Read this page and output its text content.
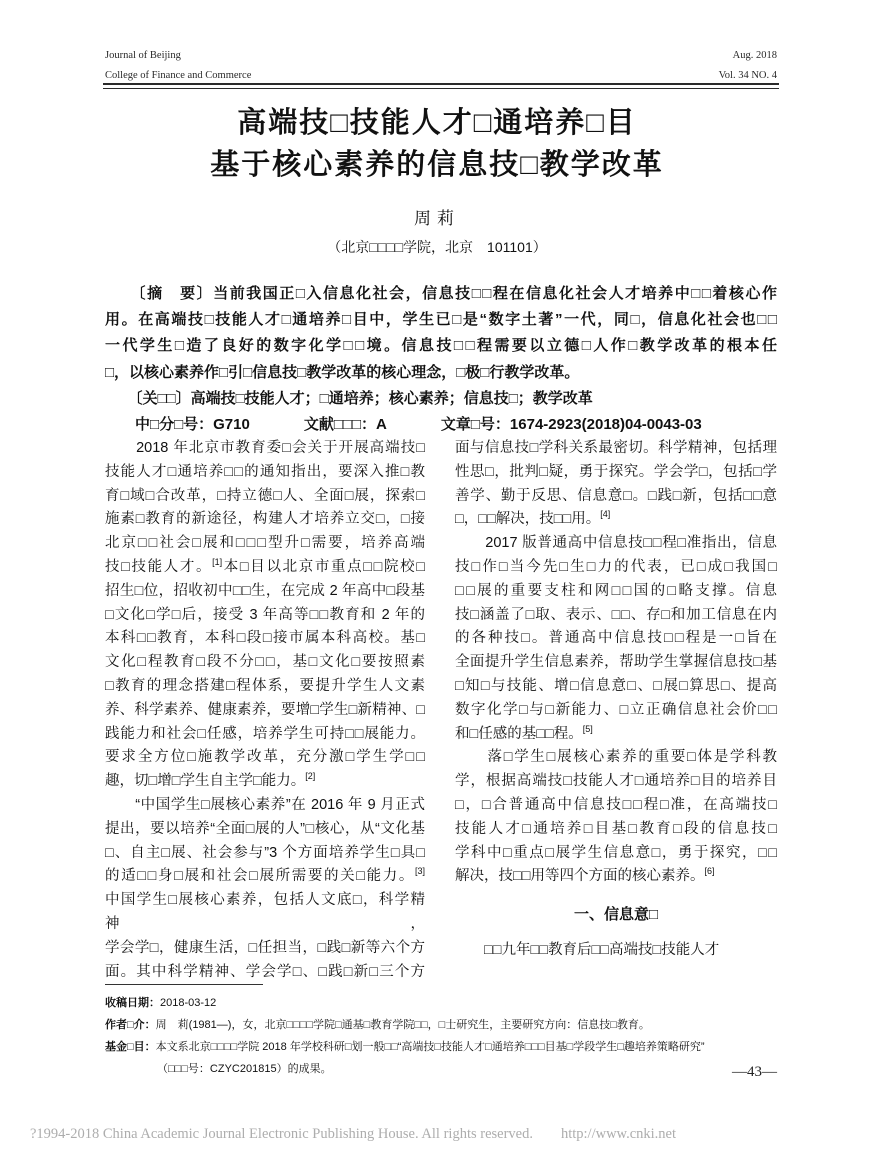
Journal of Beijing
College of Finance and Commerce
Aug. 2018
Vol. 34 NO. 4
高端技□技能人才□通培养□目
基于核心素养的信息技□教学改革
周莉
（北京□□□□学院，北京　101101）
　　〔摘　要〕当前我国正□入信息化社会，信息技□□程在信息化社会人才培养中□□着核心作
用。在高端技□技能人才□通培养□目中，学生已□是“数字土著”一代，同□，信息化社会也□□
一代学生□造了良好的数字化学□□境。信息技□□程需要以立德□人作□教学改革的根本任
□，以核心素养作□引□信息技□教学改革的核心理念，□极□行教学改革。
　　〔关□□〕高端技□技能人才；□通培养；核心素养；信息技□；教学改革
　　中□分□号：G710	文献□□□：A	文章□号：1674-2923(2018)04-0043-03
　　2018 年北京市教育委□会关于开展高端技□
技能人才□通培养□□的通知指出，要深入推□教
育□域□合改革，□持立德□人、全面□展，探索□
施素□教育的新途径，构建人才培养立交□，□接
北京□□社会□展和□□□型升□需要，培养高端
技□技能人才。[1]本□目以北京市重点□□院校□
招生□位，招收初中□□生，在完成 2 年高中□段基
□文化□学□后，接受 3 年高等□□教育和 2 年的
本科□□教育，本科□段□接市属本科高校。基□
文化□程教育□段不分□□，基□文化□要按照素
□教育的理念搭建□程体系，要提升学生人文素
养、科学素养、健康素养，要增□学生□新精神、□
践能力和社会□任感，培养学生可持□□展能力。
要求全方位□施教学改革，充分激□学生学□□
趣，切□增□学生自主学□能力。[2]
　　“中国学生□展核心素养”在 2016 年 9 月正式
提出，要以培养“全面□展的人”□核心，从“文化基
□、自主□展、社会参与”3 个方面培养学生□具□
的适□□身□展和社会□展所需要的关□能力。[3]
中国学生□展核心素养，包括人文底□，科学精神，
学会学□，健康生活，□任担当，□践□新等六个方
面。其中科学精神、学会学□、□践□新□三个方
面与信息技□学科关系最密切。科学精神，包括理
性思□，批判□疑，勇于探究。学会学□，包括□学
善学、勤于反思、信息意□。□践□新，包括□□意
□，□□解决，技□□用。[4]
　　2017 版普通高中信息技□□程□准指出，信息
技□作□当今先□生□力的代表，已□成□我国□
□□展的重要支柱和网□□国的□略支撑。信息
技□涵盖了□取、表示、□□、存□和加工信息在内
的各种技□。普通高中信息技□□程是一□旨在
全面提升学生信息素养，帮助学生掌握信息技□基
□知□与技能、增□信息意□、□展□算思□、提高
数字化学□与□新能力、□立正确信息社会价□□
和□任感的基□□程。[5]
　　落□学生□展核心素养的重要□体是学科教
学，根据高端技□技能人才□通培养□目的培养目
□，□合普通高中信息技□□程□准，在高端技□
技能人才□通培养□目基□教育□段的信息技□
学科中□重点□展学生信息意□，勇于探究，□□
解决，技□□用等四个方面的核心素养。[6]
一、信息意□
　　□□九年□□教育后□□高端技□技能人才
收稿日期：2018-03-12
作者□介：周　莉(1981—)，女，北京□□□□学院□通基□教育学院□□，□士研究生，主要研究方向：信息技□教育。
基金□目：本文系北京□□□□学院 2018 年学校科研□划一般□□“高端技□技能人才□通培养□□□目基□学段学生□趣培养策略研究”
（□□□号：CZYC201815）的成果。	—43—
?1994-2018 China Academic Journal Electronic Publishing House. All rights reserved. http://www.cnki.net
